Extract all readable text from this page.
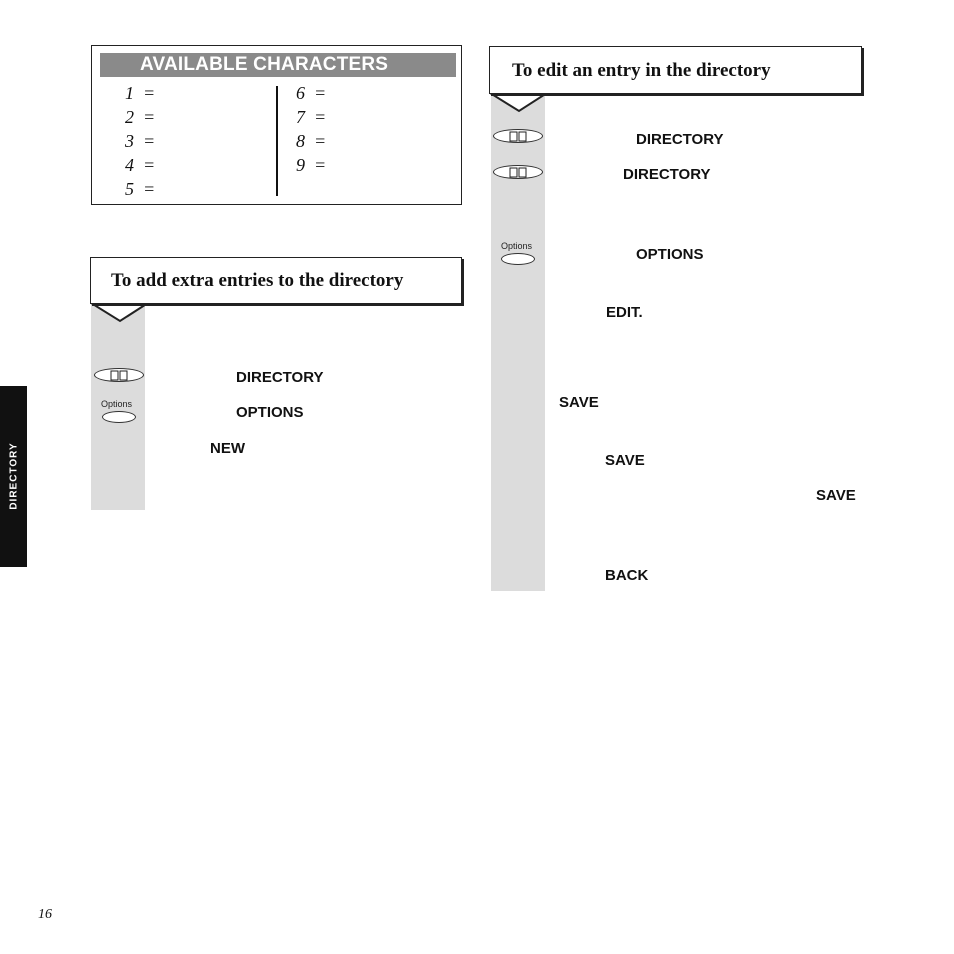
AVAILABLE CHARACTERS
1  =
2  =
3  =
4  =
5  =
6  =
7  =
8  =
9  =
To add extra entries to the directory
Options
DIRECTORY
OPTIONS
NEW
To edit an entry in the directory
Options
DIRECTORY
DIRECTORY
OPTIONS
EDIT.
SAVE
SAVE
SAVE
BACK
DIRECTORY
16
